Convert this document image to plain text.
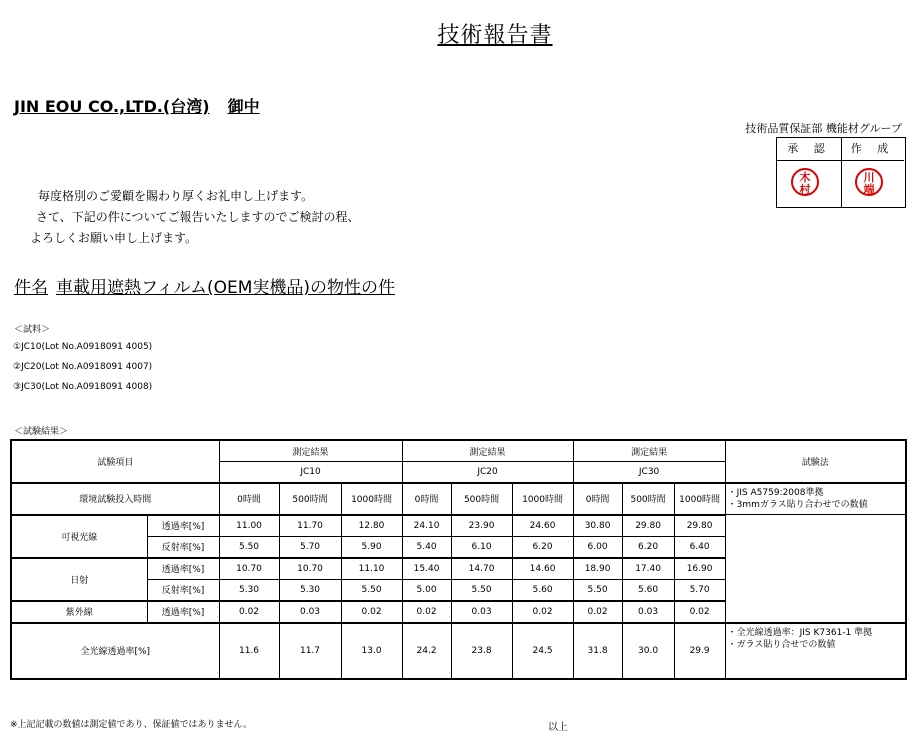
技術報告書
JIN EOU CO.,LTD.(台湾) 御中
技術品質保証部 機能材グループ
承 認
木
村
作 成
川
端
毎度格別のご愛顧を賜わり厚くお礼申し上げます。
さて、下記の件についてご報告いたしますのでご検討の程、
よろしくお願い申し上げます。
件名 車載用遮熱フィルム(OEM実機品)の物性の件
＜試料＞
①JC10(Lot No.A0918091 4005)
②JC20(Lot No.A0918091 4007)
③JC30(Lot No.A0918091 4008)
＜試験結果＞
試験項目		測定結果			測定結果			測定結果			試験法
		JC10			JC20			JC30			
環境試験投入時間		0時間	500時間	1000時間	0時間	500時間	1000時間	0時間	500時間	1000時間	・JIS A5759:2008準拠
・3mmガラス貼り合わせでの数値

可視光線	透過率[%]	11.00	11.70	12.80	24.10	23.90	24.60	30.80	29.80	29.80	
	反射率[%]	5.50	5.70	5.90	5.40	6.10	6.20	6.00	6.20	6.40	
日射	透過率[%]	10.70	10.70	11.10	15.40	14.70	14.60	18.90	17.40	16.90	
	反射率[%]	5.30	5.30	5.50	5.00	5.50	5.60	5.50	5.60	5.70	
紫外線	透過率[%]	0.02	0.03	0.02	0.02	0.03	0.02	0.02	0.03	0.02	
全光線透過率[%]		11.6	11.7	13.0	24.2	23.8	24.5	31.8	30.0	29.9	・全光線透過率：JIS K7361-1 準拠
・ガラス貼り合せでの数値
※上記記載の数値は測定値であり、保証値ではありません。	以上
